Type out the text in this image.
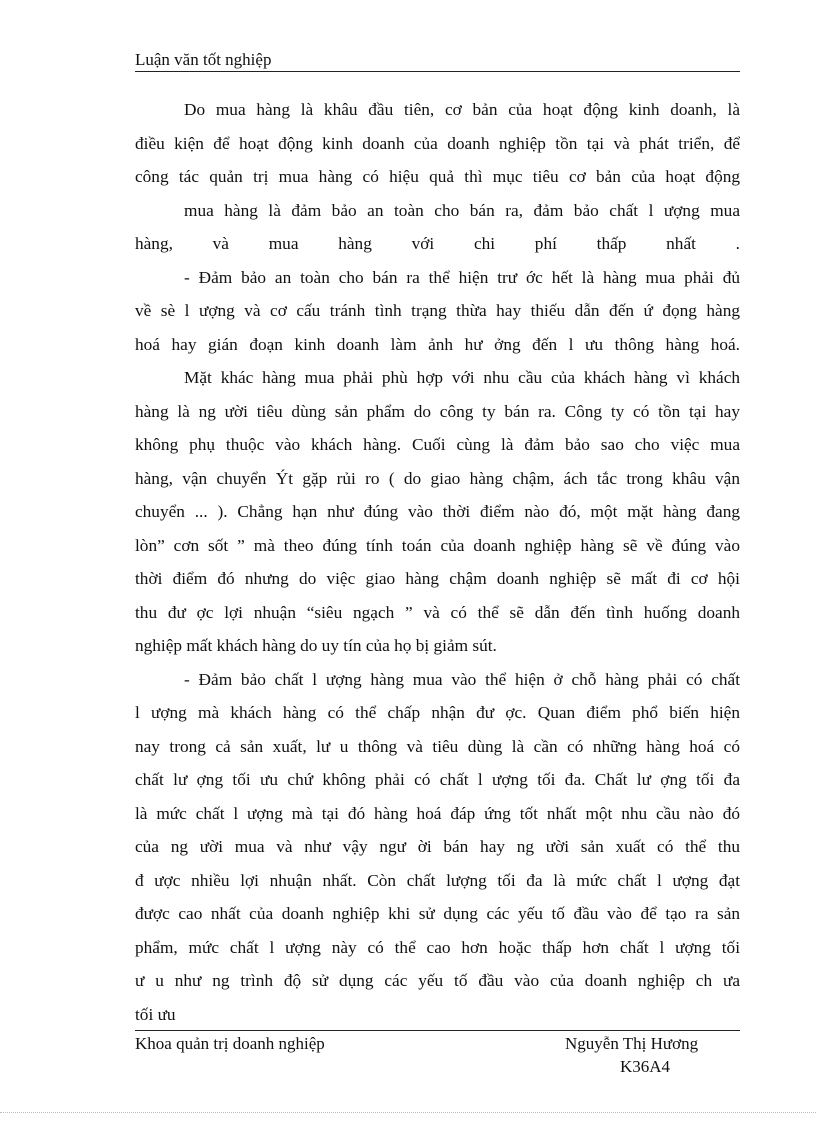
Luận văn tốt nghiệp
Do mua hàng là khâu đầu tiên, cơ bản của hoạt động kinh doanh, là
điều kiện để hoạt động kinh doanh của doanh nghiệp tồn tại và phát triển, để
công tác quản trị mua hàng có hiệu quả thì mục tiêu cơ bản của hoạt động
mua hàng là đảm bảo an toàn cho bán ra, đảm bảo chất l ượng mua
hàng, và mua hàng với chi phí thấp nhất .
- Đảm bảo an toàn cho bán ra thể hiện trư ớc hết là hàng mua phải đủ
về sè l ượng và cơ cấu tránh tình trạng thừa hay thiếu dẫn đến ứ đọng hàng
hoá hay gián đoạn kinh doanh làm ảnh hư ởng đến l ưu thông hàng hoá.
Mặt khác hàng mua phải phù hợp với nhu cầu của khách hàng vì khách
hàng là ng ười tiêu dùng sản phẩm do công ty bán ra. Công ty có tồn tại hay
không phụ thuộc vào khách hàng. Cuối cùng là đảm bảo sao cho việc mua
hàng, vận chuyển Ýt gặp rủi ro ( do giao hàng chậm, ách tắc trong khâu vận
chuyển ... ). Chẳng hạn như đúng vào thời điểm nào đó, một mặt hàng đang
lòn” cơn sốt ” mà theo đúng tính toán của doanh nghiệp hàng sẽ về đúng vào
thời điểm đó nhưng do việc giao hàng chậm doanh nghiệp sẽ mất đi cơ hội
thu đư ợc lợi nhuận “siêu ngạch ” và có thể sẽ dẫn đến tình huống doanh
nghiệp mất khách hàng do uy tín của họ bị giảm sút.
- Đảm bảo chất l ượng hàng mua vào thể hiện ở chỗ hàng phải có chất
l ượng mà khách hàng có thể chấp nhận đư ợc. Quan điểm phổ biến hiện
nay trong cả sản xuất, lư u thông và tiêu dùng là cần có những hàng hoá có
chất lư ợng tối ưu chứ không phải có chất l ượng tối đa. Chất lư ợng tối đa
là mức chất l ượng mà tại đó hàng hoá đáp ứng tốt nhất một nhu cầu nào đó
của ng ười mua và như vậy ngư ời bán hay ng ười sản xuất có thể thu
đ ược nhiều lợi nhuận nhất. Còn chất lượng tối đa là mức chất l ượng đạt
được cao nhất của doanh nghiệp khi sử dụng các yếu tố đầu vào để tạo ra sản
phẩm, mức chất l ượng này có thể cao hơn hoặc thấp hơn chất l ượng tối
ư u như ng trình độ sử dụng các yếu tố đầu vào của doanh nghiệp ch ưa
tối ưu
Khoa quản trị doanh nghiệp	Nguyễn Thị Hương
K36A4
